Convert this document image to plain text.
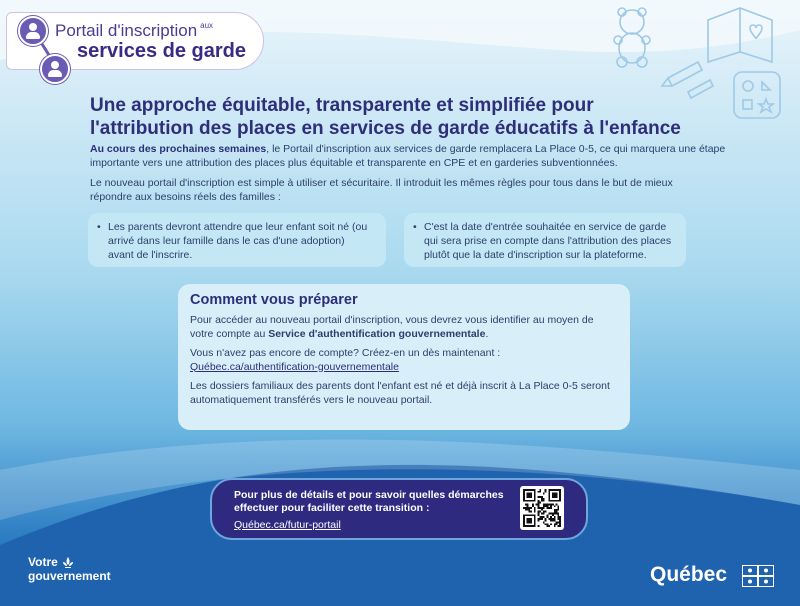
Portail d'inscription $^{aux}$
services de garde
Une approche équitable, transparente et simplifiée pour
l'attribution des places en services de garde éducatifs à l'enfance

Au cours des prochaines semaines, le Portail d'inscription aux services de garde remplacera La Place 0-5, ce qui marquera une étape importante vers une attribution des places plus équitable et transparente en CPE et en garderies subventionnées.

Le nouveau portail d'inscription est simple à utiliser et sécuritaire. Il introduit les mêmes règles pour tous dans le but de mieux répondre aux besoins réels des familles :

• Les parents devront attendre que leur enfant soit né (ou arrivé dans leur famille dans le cas d'une adoption) avant de l'inscrire.
• C'est la date d'entrée souhaitée en service de garde qui sera prise en compte dans l'attribution des places plutôt que la date d'inscription sur la plateforme.
Comment vous préparer

Pour accéder au nouveau portail d'inscription, vous devrez vous identifier au moyen de votre compte au Service d'authentification gouvernementale.

Vous n'avez pas encore de compte? Créez-en un dès maintenant :
Québec.ca/authentification-gouvernementale

Les dossiers familiaux des parents dont l'enfant est né et déjà inscrit à La Place 0-5 seront automatiquement transférés vers le nouveau portail.

Pour plus de détails et pour savoir quelles démarches effectuer pour faciliter cette transition :
Québec.ca/futur-portail
Votre
gouvernement	Québec
